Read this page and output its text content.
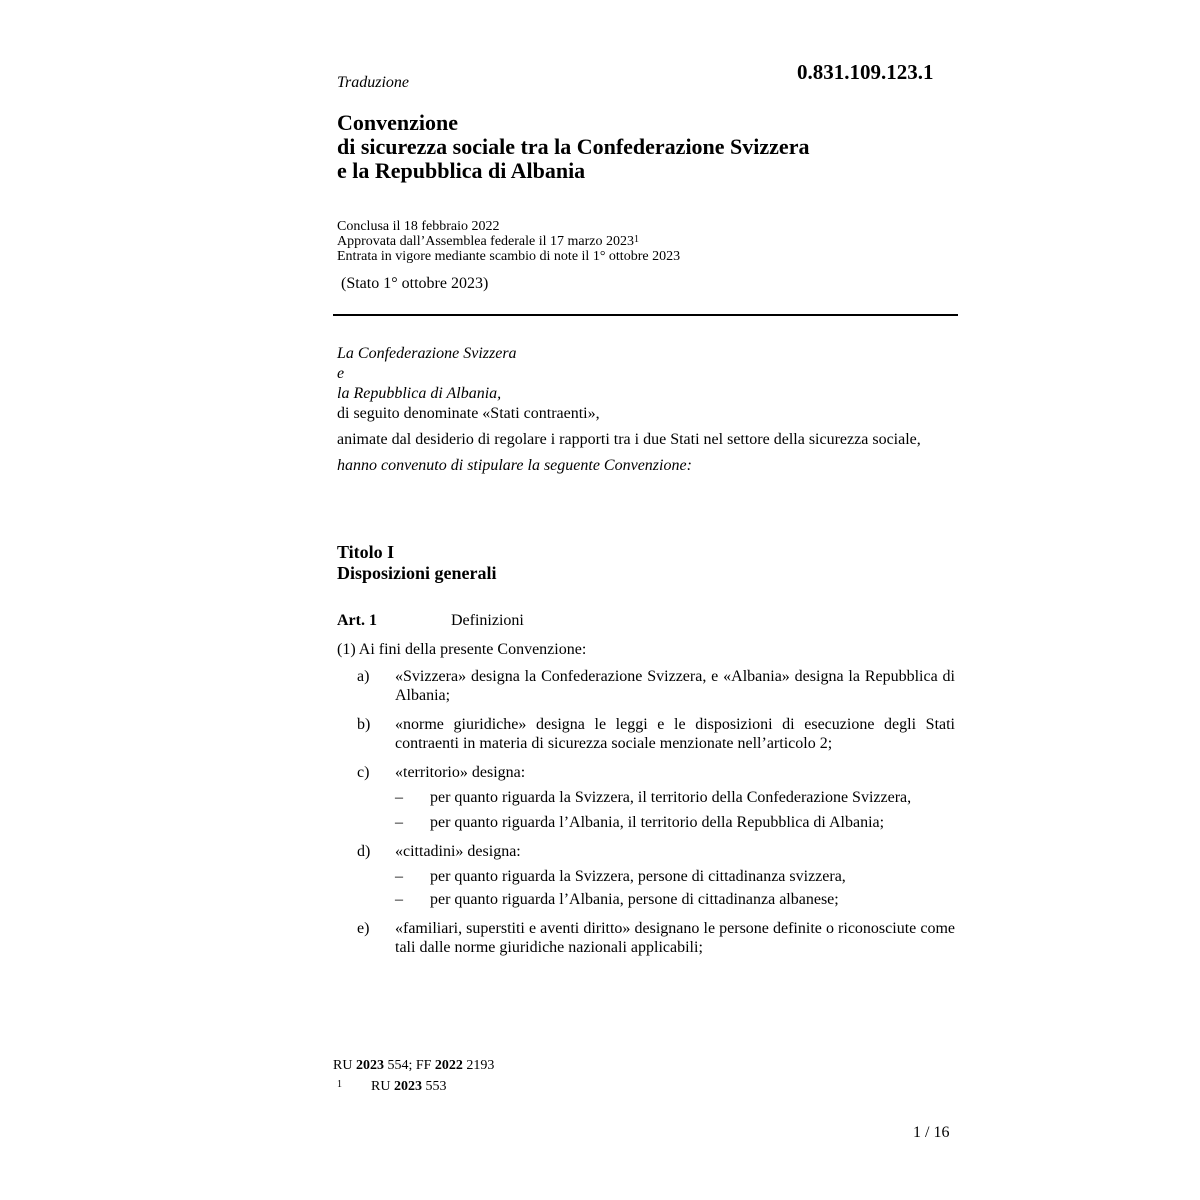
Traduzione	0.831.109.123.1
Convenzione
di sicurezza sociale tra la Confederazione Svizzera
e la Repubblica di Albania
Conclusa il 18 febbraio 2022
Approvata dall’Assemblea federale il 17 marzo 2023$^1$
Entrata in vigore mediante scambio di note il 1° ottobre 2023
(Stato 1° ottobre 2023)

La Confederazione Svizzera

e

la Repubblica di Albania,

di seguito denominate «Stati contraenti»,

animate dal desiderio di regolare i rapporti tra i due Stati nel settore della sicurezza sociale,

hanno convenuto di stipulare la seguente Convenzione:

Titolo I
Disposizioni generali
Art. 1	Definizioni

(1) Ai fini della presente Convenzione:

a)	«Svizzera» designa la Confederazione Svizzera, e «Albania» designa la Repubblica di Albania;
b)	«norme giuridiche» designa le leggi e le disposizioni di esecuzione degli Stati contraenti in materia di sicurezza sociale menzionate nell’articolo 2;
c)	«territorio» designa:
–	per quanto riguarda la Svizzera, il territorio della Confederazione Svizzera,
–	per quanto riguarda l’Albania, il territorio della Repubblica di Albania;
d)	«cittadini» designa:
–	per quanto riguarda la Svizzera, persone di cittadinanza svizzera,
–	per quanto riguarda l’Albania, persone di cittadinanza albanese;
e)	«familiari, superstiti e aventi diritto» designano le persone definite o riconosciute come tali dalle norme giuridiche nazionali applicabili;
RU 2023 554; FF 2022 2193
1 RU 2023 553
1 / 16
